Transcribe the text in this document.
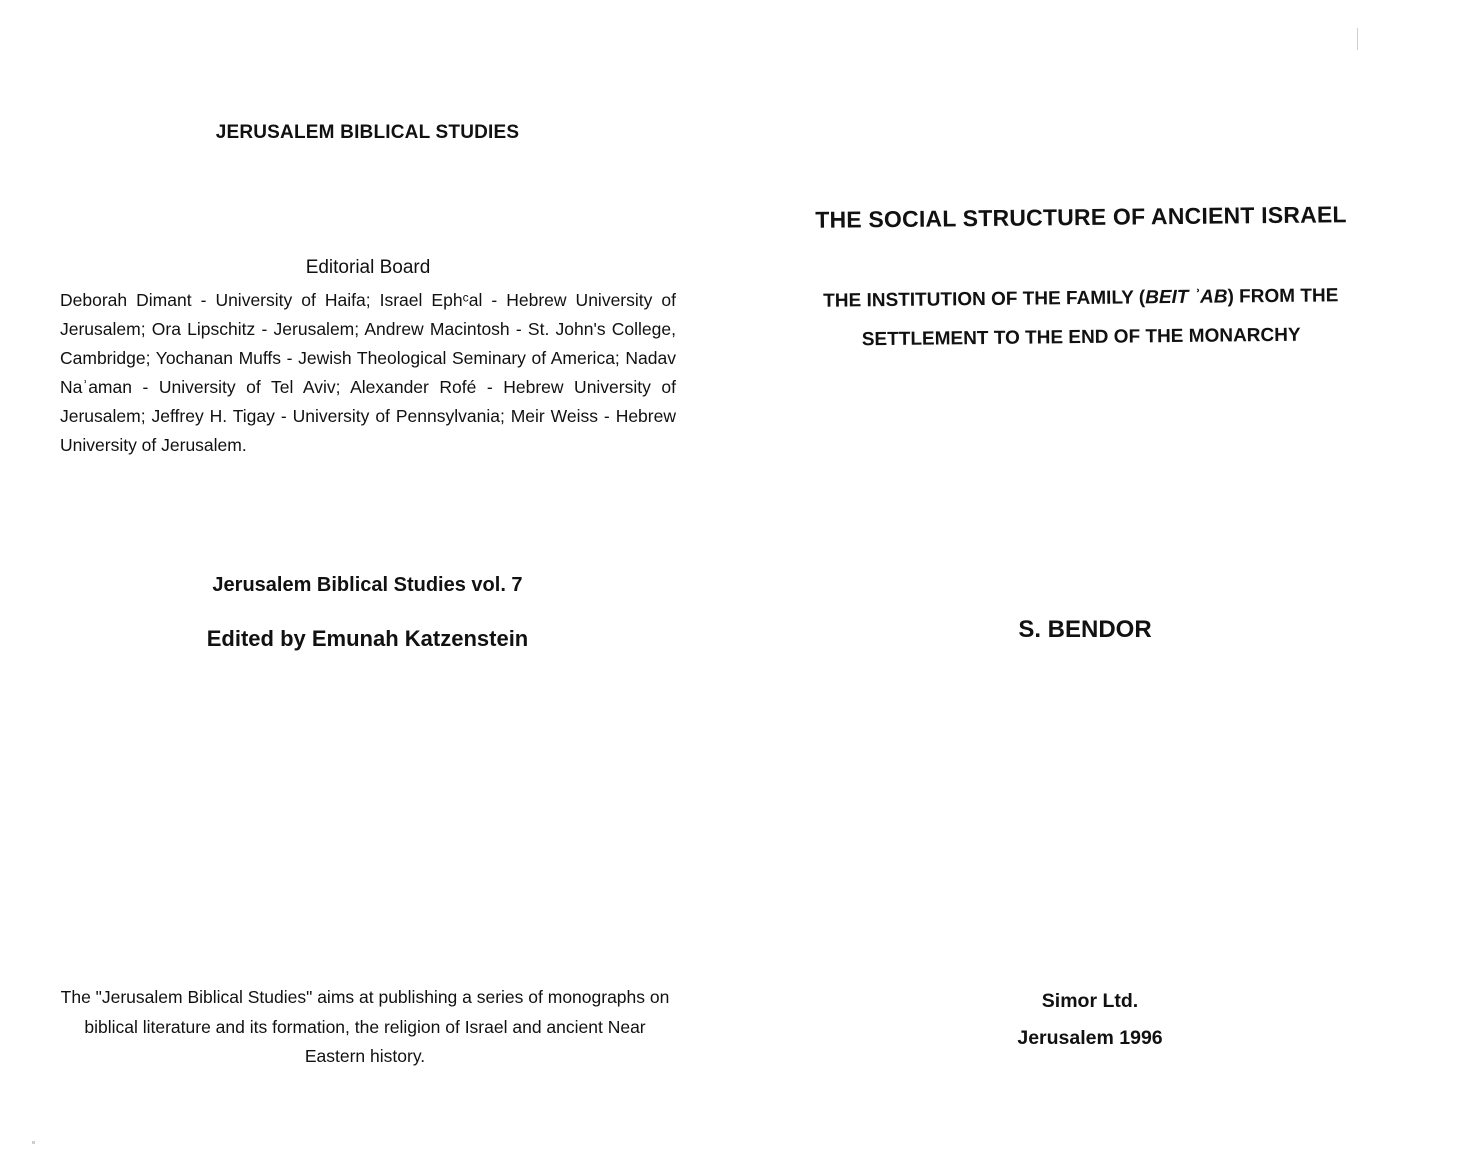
JERUSALEM BIBLICAL STUDIES
Editorial Board
Deborah Dimant - University of Haifa; Israel Ephᶜal - Hebrew University of Jerusalem; Ora Lipschitz - Jerusalem; Andrew Macintosh - St. John's College, Cambridge; Yochanan Muffs - Jewish Theological Seminary of America; Nadav Naʾaman - University of Tel Aviv; Alexander Rofé - Hebrew University of Jerusalem; Jeffrey H. Tigay - University of Pennsylvania; Meir Weiss - Hebrew University of Jerusalem.
Jerusalem Biblical Studies vol. 7
Edited by Emunah Katzenstein
The "Jerusalem Biblical Studies" aims at publishing a series of monographs on biblical literature and its formation, the religion of Israel and ancient Near Eastern history.
THE SOCIAL STRUCTURE OF ANCIENT ISRAEL
THE INSTITUTION OF THE FAMILY (BEIT ʾAB) FROM THE SETTLEMENT TO THE END OF THE MONARCHY
S. BENDOR
Simor Ltd.
Jerusalem 1996
